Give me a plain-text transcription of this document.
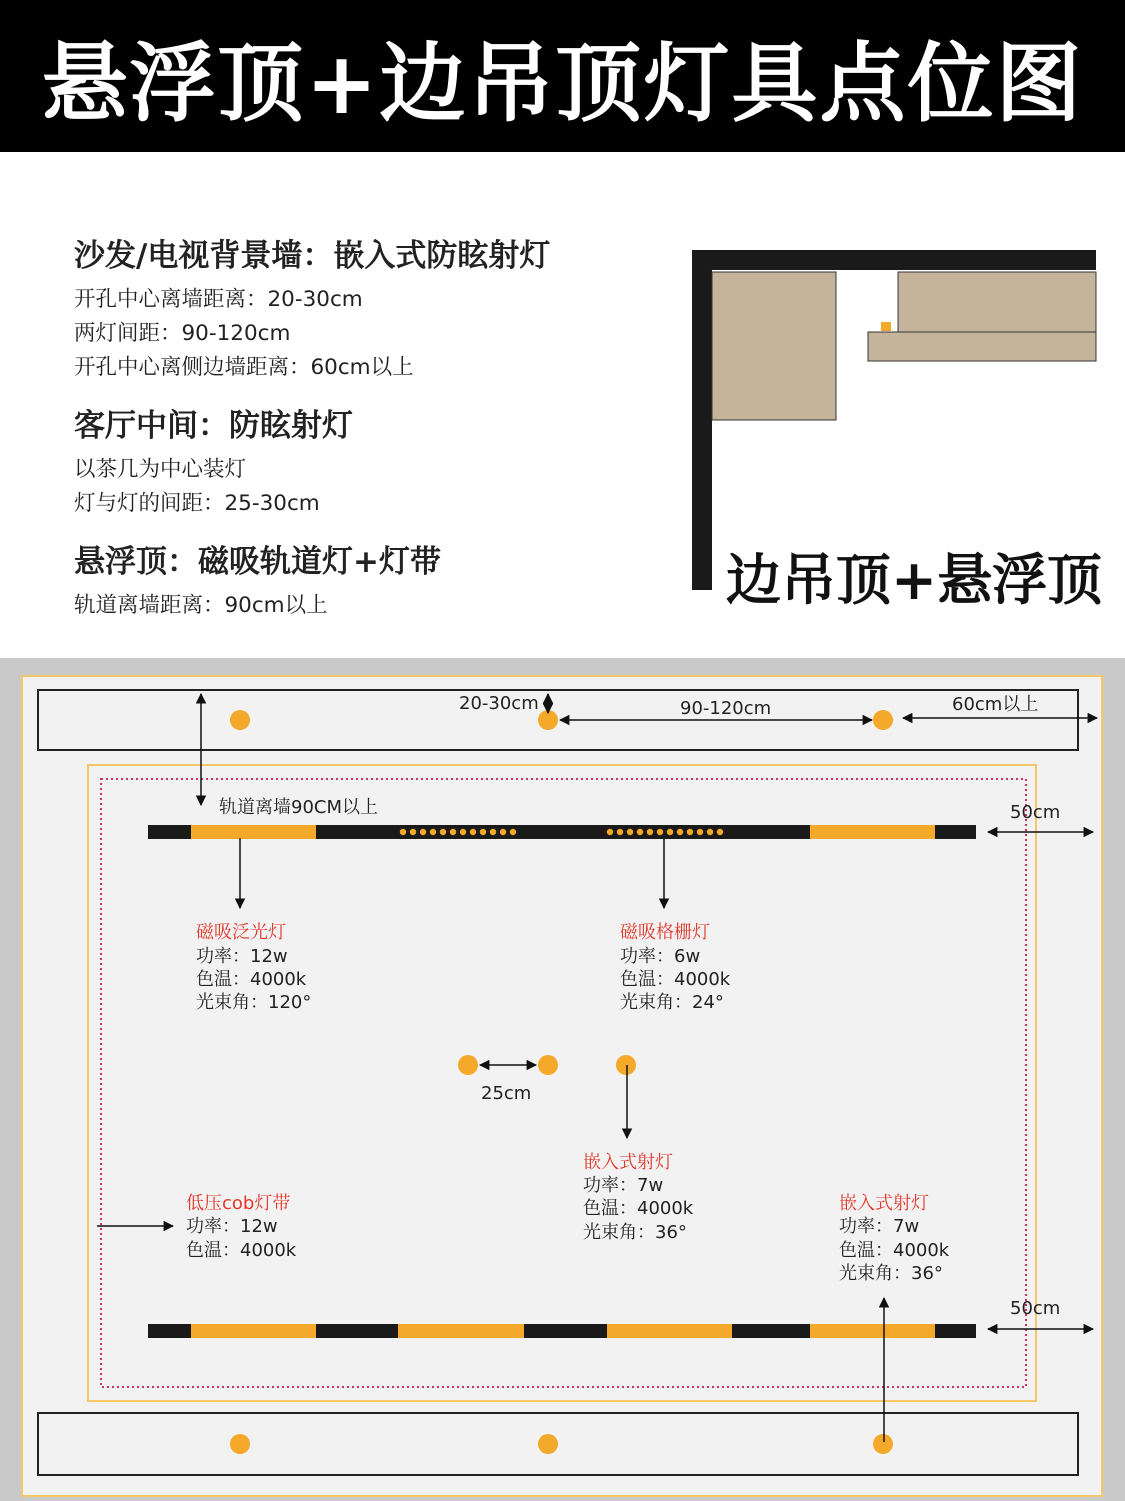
悬浮顶+边吊顶灯具点位图
沙发/电视背景墙：嵌入式防眩射灯
开孔中心离墙距离：20-30cm
两灯间距：90-120cm
开孔中心离侧边墙距离：60cm以上
客厅中间：防眩射灯
以茶几为中心装灯
灯与灯的间距：25-30cm
悬浮顶：磁吸轨道灯+灯带
轨道离墙距离：90cm以上	边吊顶+悬浮顶
20-30cm	90-120cm	60cm以上
轨道离墙90CM以上	50cm
50cm
25cm
磁吸泛光灯
功率：12w
色温：4000k
光束角：120°
磁吸格栅灯
功率：6w
色温：4000k
光束角：24°
嵌入式射灯
功率：7w
色温：4000k
光束角：36°
低压cob灯带
功率：12w
色温：4000k
嵌入式射灯
功率：7w
色温：4000k
光束角：36°
